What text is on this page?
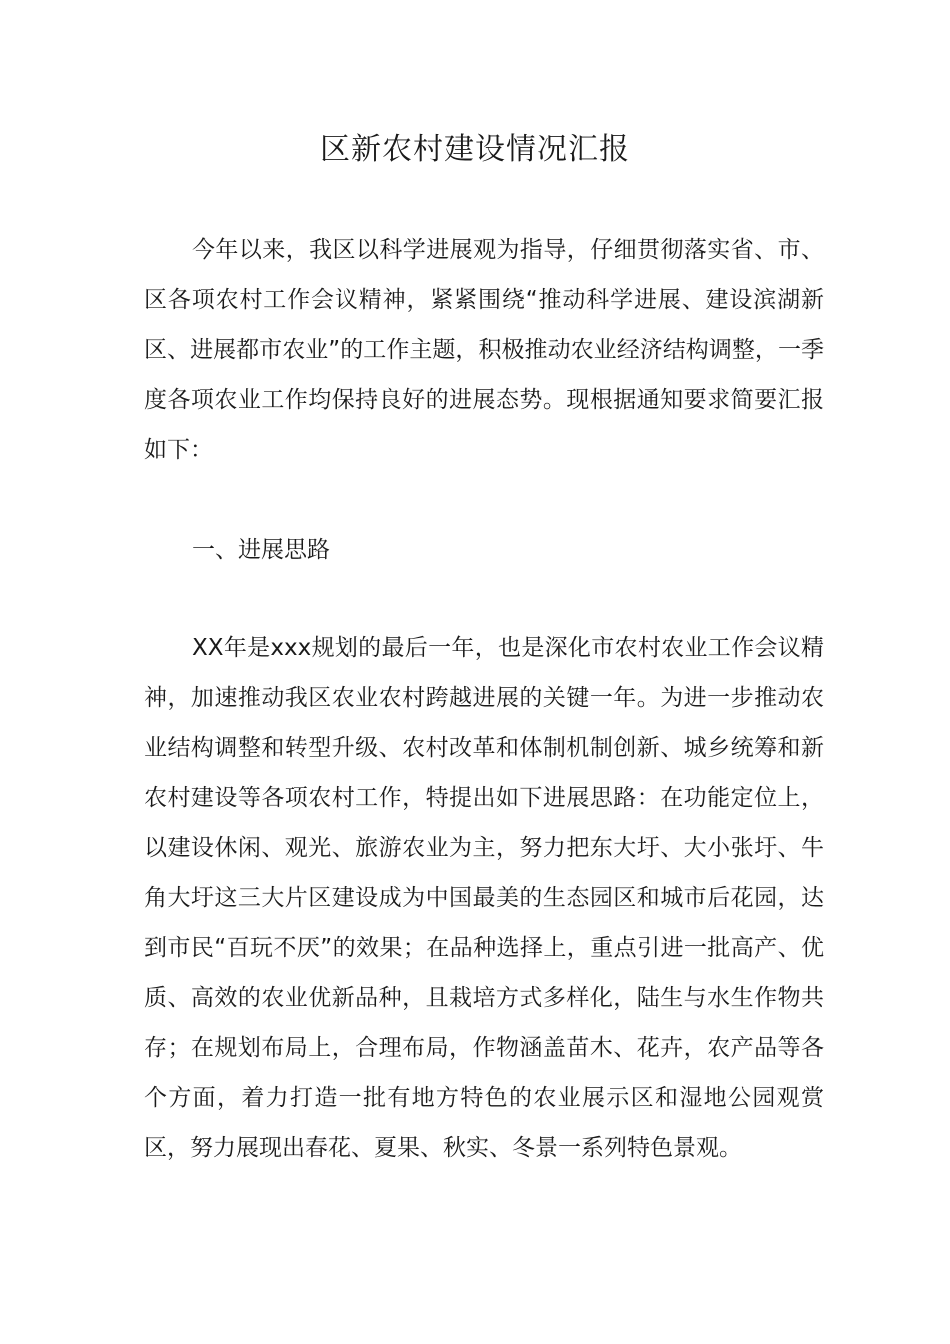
区新农村建设情况汇报

今年以来，我区以科学进展观为指导，仔细贯彻落实省、市、区各项农村工作会议精神，紧紧围绕“推动科学进展、建设滨湖新区、进展都市农业”的工作主题，积极推动农业经济结构调整，一季度各项农业工作均保持良好的进展态势。现根据通知要求简要汇报如下：

一、进展思路

XX年是xxx规划的最后一年，也是深化市农村农业工作会议精神，加速推动我区农业农村跨越进展的关键一年。为进一步推动农业结构调整和转型升级、农村改革和体制机制创新、城乡统筹和新农村建设等各项农村工作，特提出如下进展思路：在功能定位上，以建设休闲、观光、旅游农业为主，努力把东大圩、大小张圩、牛角大圩这三大片区建设成为中国最美的生态园区和城市后花园，达到市民“百玩不厌”的效果；在品种选择上，重点引进一批高产、优质、高效的农业优新品种，且栽培方式多样化，陆生与水生作物共存；在规划布局上，合理布局，作物涵盖苗木、花卉，农产品等各个方面，着力打造一批有地方特色的农业展示区和湿地公园观赏区，努力展现出春花、夏果、秋实、冬景一系列特色景观。
